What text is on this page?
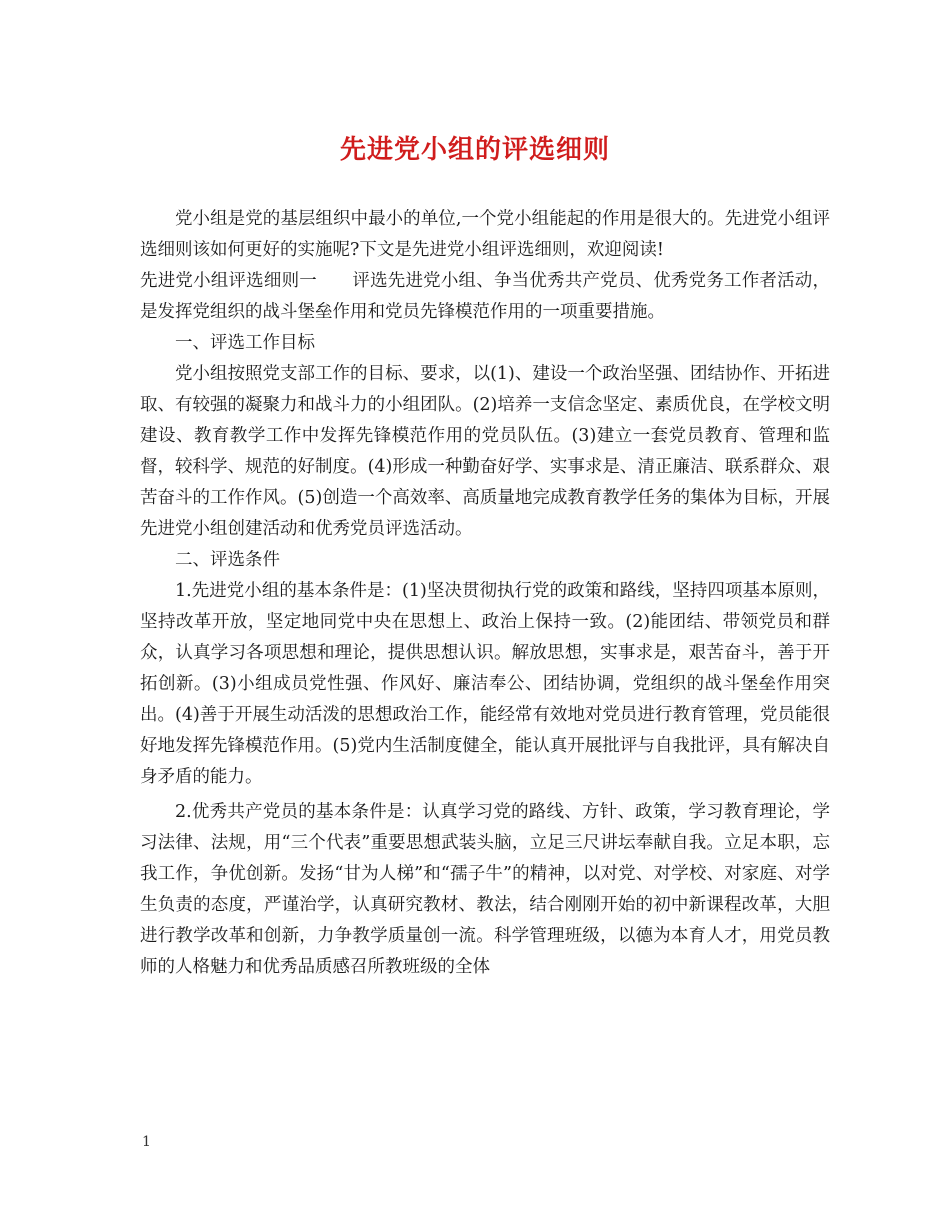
先进党小组的评选细则

党小组是党的基层组织中最小的单位,一个党小组能起的作用是很大的。先进党小组评选细则该如何更好的实施呢?下文是先进党小组评选细则，欢迎阅读!

先进党小组评选细则一　　评选先进党小组、争当优秀共产党员、优秀党务工作者活动，是发挥党组织的战斗堡垒作用和党员先锋模范作用的一项重要措施。

一、评选工作目标

党小组按照党支部工作的目标、要求，以(1)、建设一个政治坚强、团结协作、开拓进取、有较强的凝聚力和战斗力的小组团队。(2)培养一支信念坚定、素质优良，在学校文明建设、教育教学工作中发挥先锋模范作用的党员队伍。(3)建立一套党员教育、管理和监督，较科学、规范的好制度。(4)形成一种勤奋好学、实事求是、清正廉洁、联系群众、艰苦奋斗的工作作风。(5)创造一个高效率、高质量地完成教育教学任务的集体为目标，开展先进党小组创建活动和优秀党员评选活动。

二、评选条件

1.先进党小组的基本条件是：(1)坚决贯彻执行党的政策和路线，坚持四项基本原则，坚持改革开放，坚定地同党中央在思想上、政治上保持一致。(2)能团结、带领党员和群众，认真学习各项思想和理论，提供思想认识。解放思想，实事求是，艰苦奋斗，善于开拓创新。(3)小组成员党性强、作风好、廉洁奉公、团结协调，党组织的战斗堡垒作用突出。(4)善于开展生动活泼的思想政治工作，能经常有效地对党员进行教育管理，党员能很好地发挥先锋模范作用。(5)党内生活制度健全，能认真开展批评与自我批评，具有解决自身矛盾的能力。

2.优秀共产党员的基本条件是：认真学习党的路线、方针、政策，学习教育理论，学习法律、法规，用“三个代表”重要思想武装头脑，立足三尺讲坛奉献自我。立足本职，忘我工作，争优创新。发扬“甘为人梯”和“孺子牛”的精神，以对党、对学校、对家庭、对学生负责的态度，严谨治学，认真研究教材、教法，结合刚刚开始的初中新课程改革，大胆进行教学改革和创新，力争教学质量创一流。科学管理班级，以德为本育人才，用党员教师的人格魅力和优秀品质感召所教班级的全体

1
